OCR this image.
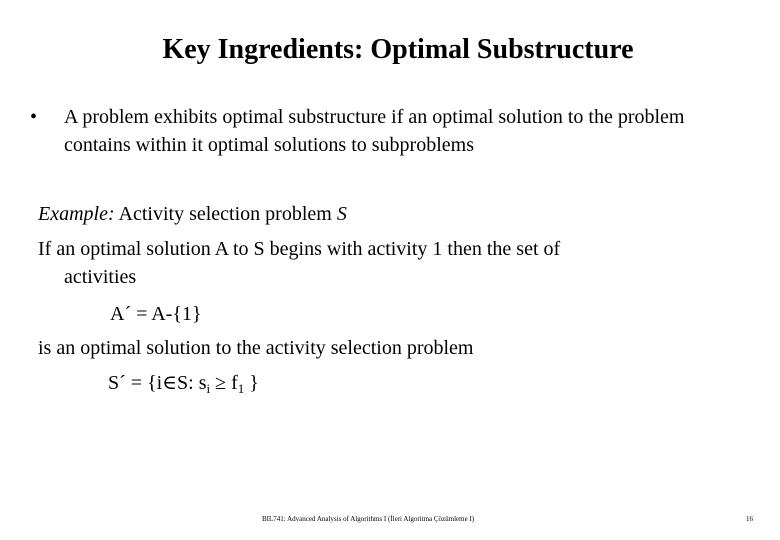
Key Ingredients: Optimal Substructure
• A problem exhibits optimal substructure if an optimal solution to the problem contains within it optimal solutions to subproblems
Example: Activity selection problem S
If an optimal solution A to S begins with activity 1 then the set of
activities
A´ = A-{1}
is an optimal solution to the activity selection problem
S´ = {i∈S: $s_i \ge f_1$ }
BIL741: Advanced Analysis of Algorithms I (İleri Algoritma Çözümleme I)	16
